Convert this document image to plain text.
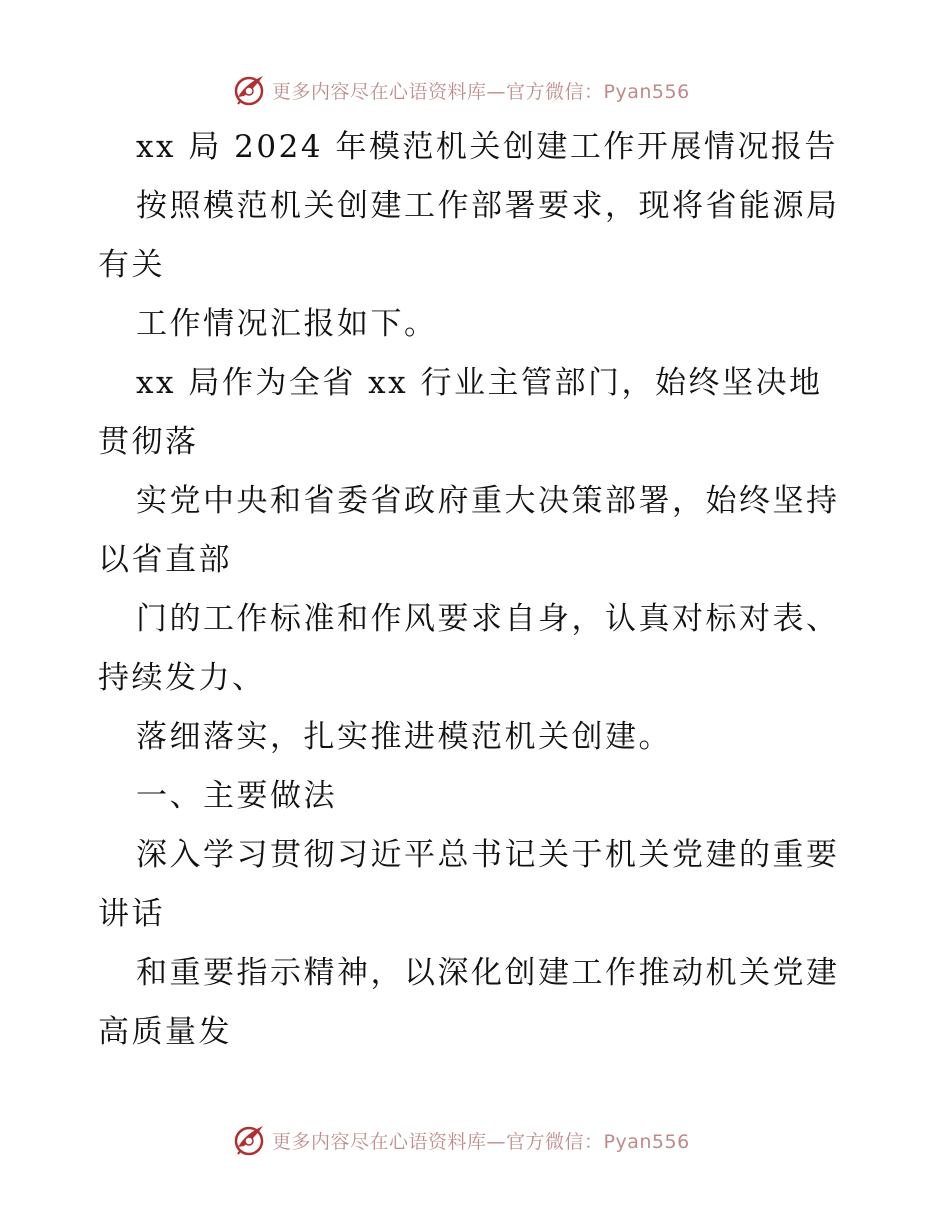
更多内容尽在心语资料库—官方微信：Pyan556
xx 局 2024 年模范机关创建工作开展情况报告
按照模范机关创建工作部署要求，现将省能源局
有关
工作情况汇报如下。
xx 局作为全省 xx 行业主管部门，始终坚决地
贯彻落
实党中央和省委省政府重大决策部署，始终坚持
以省直部
门的工作标准和作风要求自身，认真对标对表、
持续发力、
落细落实，扎实推进模范机关创建。
一、主要做法
深入学习贯彻习近平总书记关于机关党建的重要
讲话
和重要指示精神，以深化创建工作推动机关党建
高质量发
更多内容尽在心语资料库—官方微信：Pyan556
